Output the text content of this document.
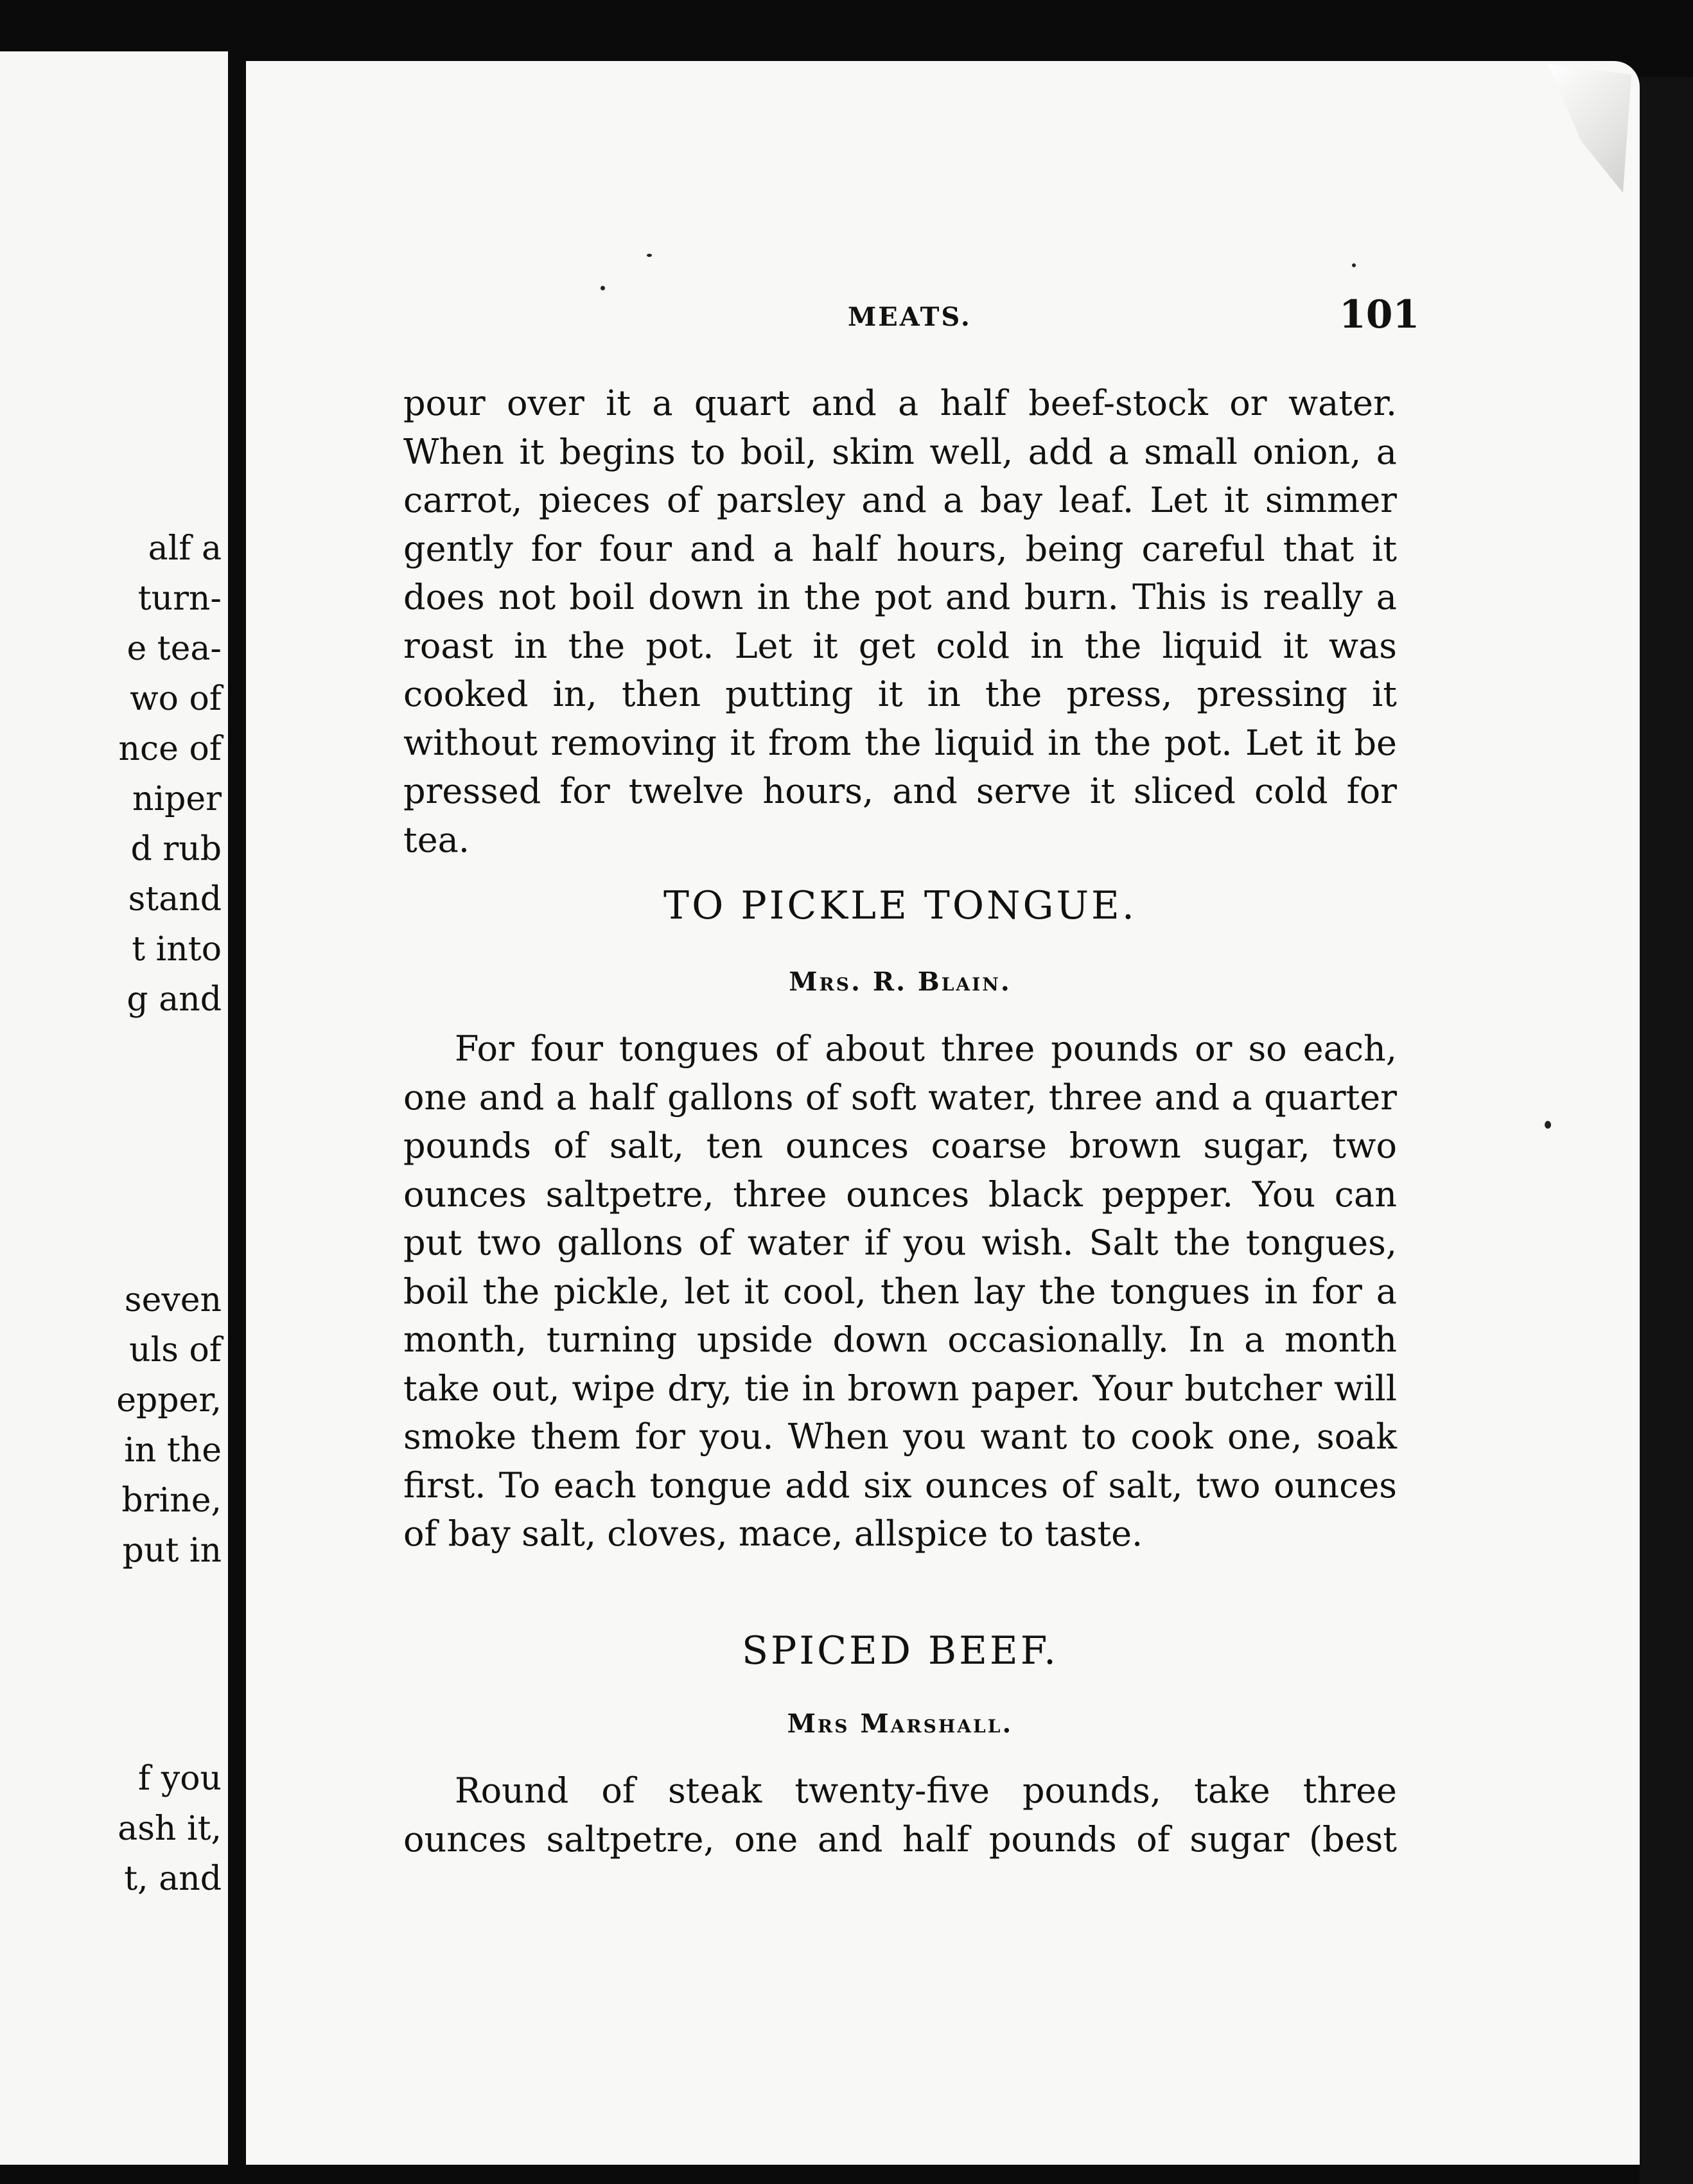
alf a

turn-

e tea-

wo of

nce of

niper

d rub

stand

t into

g and

seven

uls of

epper,

in the

brine,

put in

f you

ash it,

t, and

MEATS.	101

pour over it a quart and a half beef-stock or water. When it begins to boil, skim well, add a small onion, a carrot, pieces of parsley and a bay leaf. Let it simmer gently for four and a half hours, being careful that it does not boil down in the pot and burn. This is really a roast in the pot. Let it get cold in the liquid it was cooked in, then putting it in the press, pressing it without removing it from the liquid in the pot. Let it be pressed for twelve hours, and serve it sliced cold for tea.

TO PICKLE TONGUE.

Mrs. R. Blain.

For four tongues of about three pounds or so each, one and a half gallons of soft water, three and a quarter pounds of salt, ten ounces coarse brown sugar, two ounces saltpetre, three ounces black pepper. You can put two gallons of water if you wish. Salt the tongues, boil the pickle, let it cool, then lay the tongues in for a month, turning upside down occasionally. In a month take out, wipe dry, tie in brown paper. Your butcher will smoke them for you. When you want to cook one, soak first. To each tongue add six ounces of salt, two ounces of bay salt, cloves, mace, allspice to taste.

SPICED BEEF.

Mrs Marshall.

Round of steak twenty-five pounds, take three ounces saltpetre, one and half pounds of sugar (best
